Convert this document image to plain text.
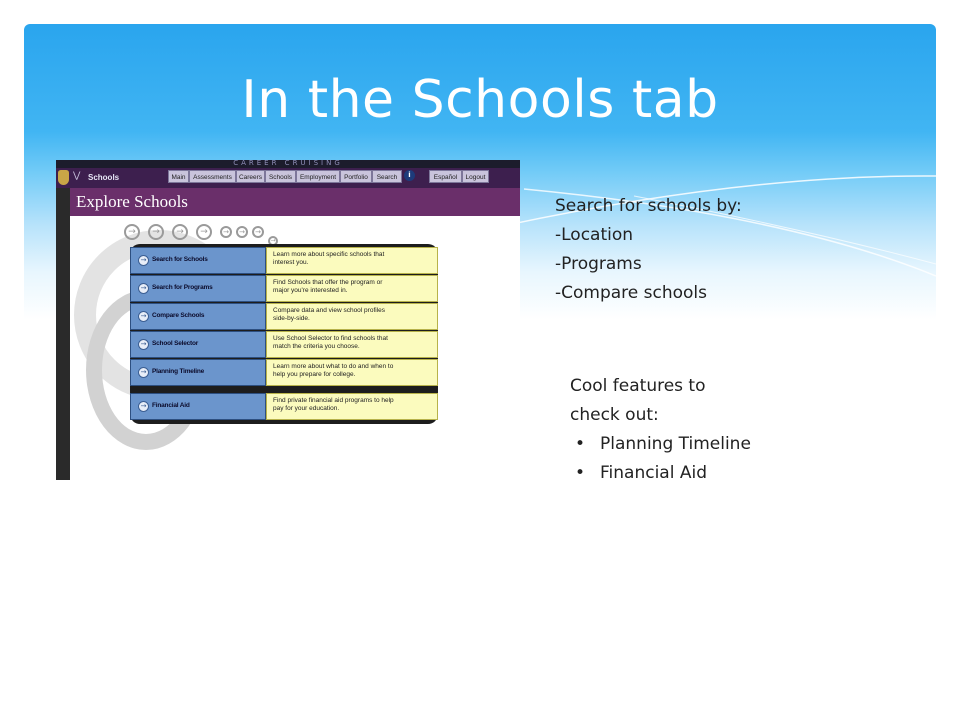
In the Schools tab
CAREER CRUISING
⋁ Schools	Main	Assessments	Careers	Schools	Employment	Portfolio	Search	i	Español	Logout
Explore Schools
→	→	→	→	→	→	→
→
→ Search for Schools
Learn more about specific schools that
interest you.
→ Search for Programs
Find Schools that offer the program or
major you're interested in.
→ Compare Schools
Compare data and view school profiles
side-by-side.
→ School Selector
Use School Selector to find schools that
match the criteria you choose.
→ Planning Timeline
Learn more about what to do and when to
help you prepare for college.
→ Financial Aid
Find private financial aid programs to help
pay for your education.
Search for schools by:
-Location
-Programs
-Compare schools
Cool features to
check out:
• Planning Timeline
• Financial Aid
